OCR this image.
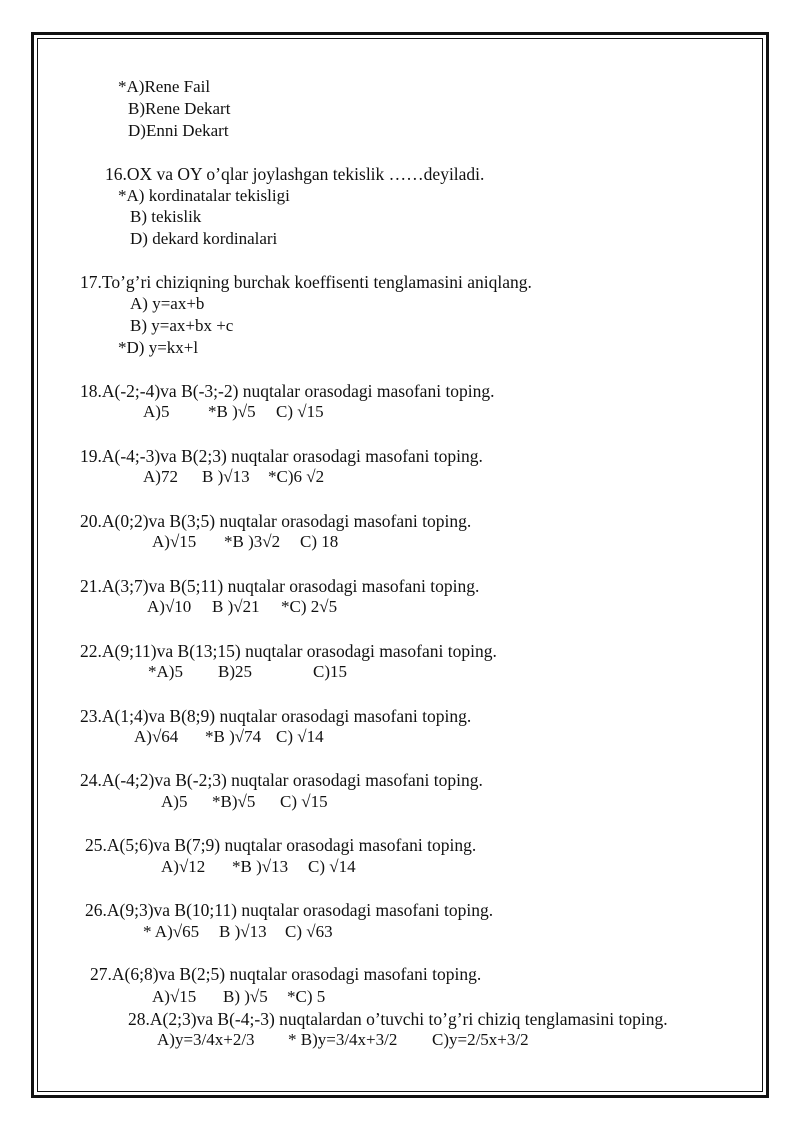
*A)Rene Fail
B)Rene Dekart
D)Enni Dekart
16.OX va OY o’qlar joylashgan tekislik ……deyiladi.
*A) kordinatalar tekisligi
B) tekislik
D) dekard kordinalari
17.To’g’ri chiziqning burchak koeffisenti tenglamasini aniqlang.
A) y=ax+b
B) y=ax+bx +c
*D) y=kx+l
18.A(-2;-4)va B(-3;-2) nuqtalar orasodagi masofani toping.
A)5 *B )√5 C) √15
19.A(-4;-3)va B(2;3) nuqtalar orasodagi masofani toping.
A)72 B )√13 *C)6 √2
20.A(0;2)va B(3;5) nuqtalar orasodagi masofani toping.
A)√15 *B )3√2 C) 18
21.A(3;7)va B(5;11) nuqtalar orasodagi masofani toping.
A)√10 B )√21 *C) 2√5
22.A(9;11)va B(13;15) nuqtalar orasodagi masofani toping.
*A)5 B)25	C)15
23.A(1;4)va B(8;9) nuqtalar orasodagi masofani toping.
A)√64 *B )√74 C) √14
24.A(-4;2)va B(-2;3) nuqtalar orasodagi masofani toping.
A)5 *B)√5 C) √15
25.A(5;6)va B(7;9) nuqtalar orasodagi masofani toping.
A)√12 *B )√13 C) √14
26.A(9;3)va B(10;11) nuqtalar orasodagi masofani toping.
* A)√65 B )√13 C) √63
27.A(6;8)va B(2;5) nuqtalar orasodagi masofani toping.
A)√15 B) )√5 *C) 5
28.A(2;3)va B(-4;-3) nuqtalardan o’tuvchi to’g’ri chiziq tenglamasini toping.
A)y=3/4x+2/3 * B)y=3/4x+3/2 C)y=2/5x+3/2
